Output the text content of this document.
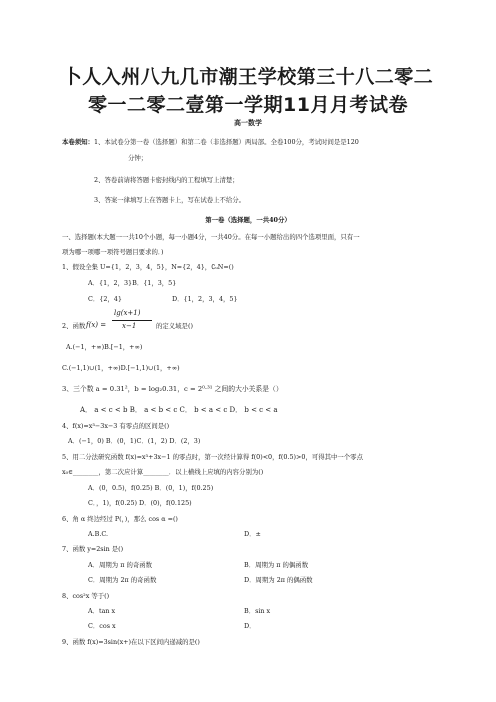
卜人入州八九几市潮王学校第三十八二零二
零一二零二壹第一学期11月月考试卷
高一数学
本卷须知：1、本试卷分第一卷（选择题）和第二卷（非选择题）两局部。全卷100分，考试时间是是120
分钟；
2、答卷前请将答题卡密封线内的工程填写上清楚；
3、答案一律填写上在答题卡上，写在试卷上不给分。
第一卷（选择题，一共40分）
一、选择题(本大题一一共10个小题，每一小题4分，一共40分。在每一小题给出的四个选项里面，只有一
项为哪一项哪一项符号题目要求的．)
1、假设全集 U={1，2，3，4，5}，N={2，4}，∁ᵤN=()
A．{1，2，3}B．{1，3，5}
C．{2，4}	D．{1，2，3，4，5}
2、函数 f(x) =
lg(x+1)
x−1	的定义域是()
A.(−1，+∞)B.[−1，+∞)
C.(−1,1)∪(1，+∞)D.[−1,1)∪(1，+∞)
3、三个数 a = 0.31²，b = log₂0.31，c = 2⁰·³¹ 之间的大小关系是（）
A． a < c < b B． a < b < c C． b < a < c D． b < c < a
4、f(x)=x³−3x−3 有零点的区间是()
A．(−1，0) B．(0，1)C．(1，2) D．(2，3)
5、用二分法研究函数 f(x)=x³+3x−1 的零点时，第一次经计算得 f(0)<0，f(0.5)>0，可得其中一个零点
x₀∈________，第二次应计算________．以上横线上应填的内容分别为()
A．(0，0.5)，f(0.25) B．(0，1)，f(0.25)
C．，1)，f(0.25) D．(0)，f(0.125)
6、角 α 终边经过 P(，)，那么 cos α =()
A.B.C.	D．±
7、函数 y=2sin 是()
A．周期为 π 的奇函数	B．周期为 π 的偶函数
C．周期为 2π 的奇函数	D．周期为 2π 的偶函数
8、cos²x 等于()
A．tan x	B．sin x
C．cos x	D．
9、函数 f(x)=3sin(x+)在以下区间内递减的是()
